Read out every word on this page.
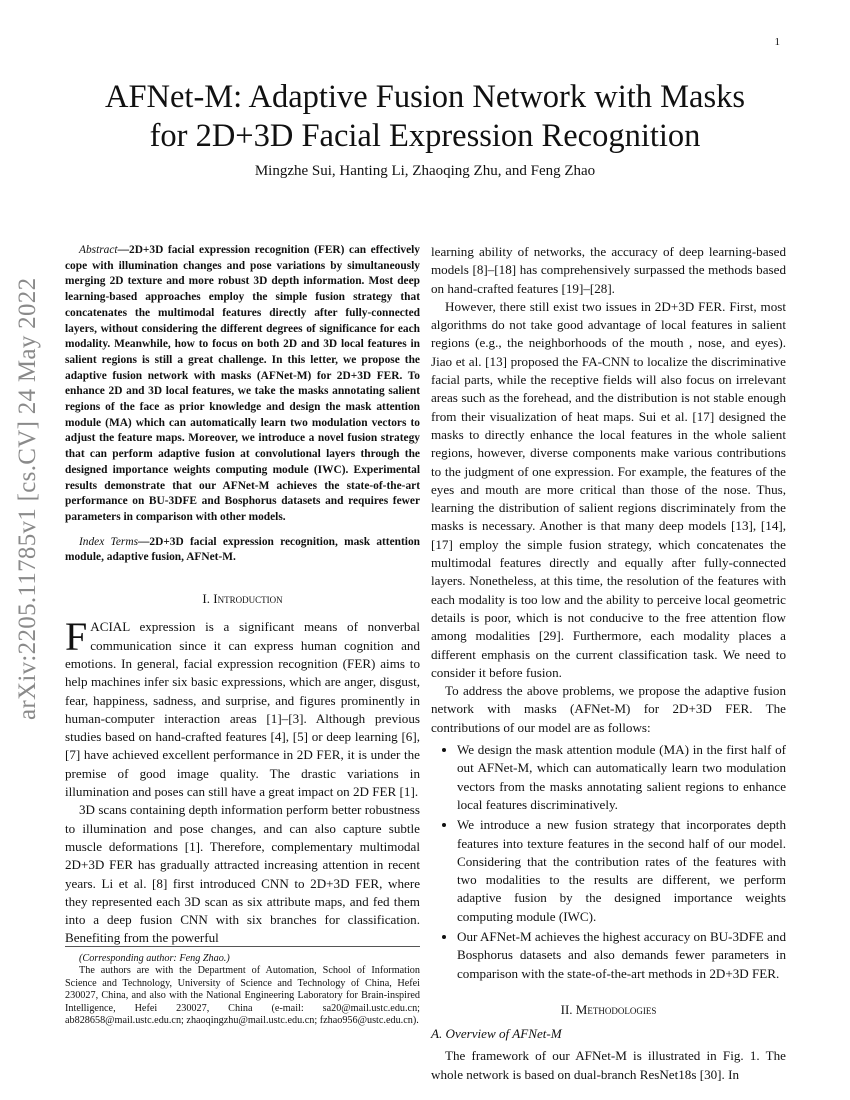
1
arXiv:2205.11785v1 [cs.CV] 24 May 2022
AFNet-M: Adaptive Fusion Network with Masks
for 2D+3D Facial Expression Recognition
Mingzhe Sui, Hanting Li, Zhaoqing Zhu, and Feng Zhao

Abstract—2D+3D facial expression recognition (FER) can effectively cope with illumination changes and pose variations by simultaneously merging 2D texture and more robust 3D depth information. Most deep learning-based approaches employ the simple fusion strategy that concatenates the multimodal features directly after fully-connected layers, without considering the different degrees of significance for each modality. Meanwhile, how to focus on both 2D and 3D local features in salient regions is still a great challenge. In this letter, we propose the adaptive fusion network with masks (AFNet-M) for 2D+3D FER. To enhance 2D and 3D local features, we take the masks annotating salient regions of the face as prior knowledge and design the mask attention module (MA) which can automatically learn two modulation vectors to adjust the feature maps. Moreover, we introduce a novel fusion strategy that can perform adaptive fusion at convolutional layers through the designed importance weights computing module (IWC). Experimental results demonstrate that our AFNet-M achieves the state-of-the-art performance on BU-3DFE and Bosphorus datasets and requires fewer parameters in comparison with other models.

Index Terms—2D+3D facial expression recognition, mask attention module, adaptive fusion, AFNet-M.

I. Introduction

FACIAL expression is a significant means of nonverbal communication since it can express human cognition and emotions. In general, facial expression recognition (FER) aims to help machines infer six basic expressions, which are anger, disgust, fear, happiness, sadness, and surprise, and figures prominently in human-computer interaction areas [1]–[3]. Although previous studies based on hand-crafted features [4], [5] or deep learning [6], [7] have achieved excellent performance in 2D FER, it is under the premise of good image quality. The drastic variations in illumination and poses can still have a great impact on 2D FER [1].

3D scans containing depth information perform better robustness to illumination and pose changes, and can also capture subtle muscle deformations [1]. Therefore, complementary multimodal 2D+3D FER has gradually attracted increasing attention in recent years. Li et al. [8] first introduced CNN to 2D+3D FER, where they represented each 3D scan as six attribute maps, and fed them into a deep fusion CNN with six branches for classification. Benefiting from the powerful

(Corresponding author: Feng Zhao.)

The authors are with the Department of Automation, School of Information Science and Technology, University of Science and Technology of China, Hefei 230027, China, and also with the National Engineering Laboratory for Brain-inspired Intelligence, Hefei 230027, China (e-mail: sa20@mail.ustc.edu.cn; ab828658@mail.ustc.edu.cn; zhaoqingzhu@mail.ustc.edu.cn; fzhao956@ustc.edu.cn).

learning ability of networks, the accuracy of deep learning-based models [8]–[18] has comprehensively surpassed the methods based on hand-crafted features [19]–[28].

However, there still exist two issues in 2D+3D FER. First, most algorithms do not take good advantage of local features in salient regions (e.g., the neighborhoods of the mouth , nose, and eyes). Jiao et al. [13] proposed the FA-CNN to localize the discriminative facial parts, while the receptive fields will also focus on irrelevant areas such as the forehead, and the distribution is not stable enough from their visualization of heat maps. Sui et al. [17] designed the masks to directly enhance the local features in the whole salient regions, however, diverse components make various contributions to the judgment of one expression. For example, the features of the eyes and mouth are more critical than those of the nose. Thus, learning the distribution of salient regions discriminately from the masks is necessary. Another is that many deep models [13], [14], [17] employ the simple fusion strategy, which concatenates the multimodal features directly and equally after fully-connected layers. Nonetheless, at this time, the resolution of the features with each modality is too low and the ability to perceive local geometric details is poor, which is not conducive to the free attention flow among modalities [29]. Furthermore, each modality places a different emphasis on the current classification task. We need to consider it before fusion.

To address the above problems, we propose the adaptive fusion network with masks (AFNet-M) for 2D+3D FER. The contributions of our model are as follows:

• We design the mask attention module (MA) in the first half of out AFNet-M, which can automatically learn two modulation vectors from the masks annotating salient regions to enhance local features discriminatively.
• We introduce a new fusion strategy that incorporates depth features into texture features in the second half of our model. Considering that the contribution rates of the features with two modalities to the results are different, we perform adaptive fusion by the designed importance weights computing module (IWC).
• Our AFNet-M achieves the highest accuracy on BU-3DFE and Bosphorus datasets and also demands fewer parameters in comparison with the state-of-the-art methods in 2D+3D FER.
II. Methodologies
A. Overview of AFNet-M

The framework of our AFNet-M is illustrated in Fig. 1. The whole network is based on dual-branch ResNet18s [30]. In
